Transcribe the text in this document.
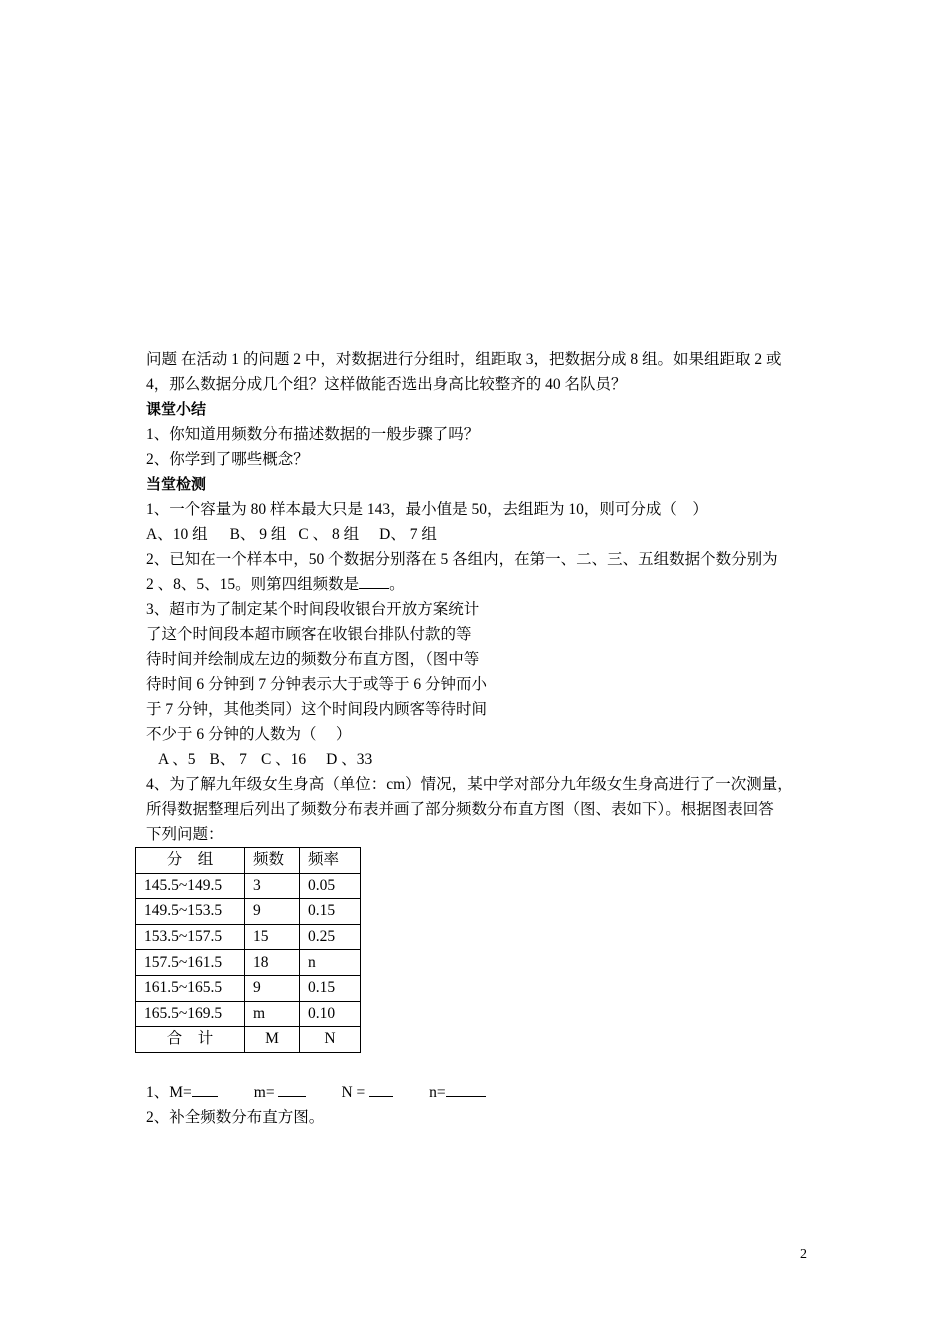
问题 在活动 1 的问题 2 中，对数据进行分组时，组距取 3，把数据分成 8 组。如果组距取 2 或
4，那么数据分成几个组？这样做能否选出身高比较整齐的 40 名队员？
课堂小结
1、你知道用频数分布描述数据的一般步骤了吗？
2、你学到了哪些概念？
当堂检测
1、一个容量为 80 样本最大只是 143，最小值是 50，去组距为 10，则可分成（　）
A、10 组 B、 9 组 C 、 8 组 D、 7 组
2、已知在一个样本中，50 个数据分别落在 5 各组内，在第一、二、三、五组数据个数分别为
2 、8、5、15。则第四组频数是 。
3、超市为了制定某个时间段收银台开放方案统计
了这个时间段本超市顾客在收银台排队付款的等
待时间并绘制成左边的频数分布直方图，（图中等
待时间 6 分钟到 7 分钟表示大于或等于 6 分钟而小
于 7 分钟，其他类同）这个时间段内顾客等待时间
不少于 6 分钟的人数为（　 ）
A 、5 B、 7 C 、16 D 、33
4、为了解九年级女生身高（单位：cm）情况，某中学对部分九年级女生身高进行了一次测量，
所得数据整理后列出了频数分布表并画了部分频数分布直方图（图、表如下）。根据图表回答
下列问题：
分　组	频数	频率
145.5~149.5	3	0.05
149.5~153.5	9	0.15
153.5~157.5	15	0.25
157.5~161.5	18	n
161.5~165.5	9	0.15
165.5~169.5	m	0.10
合　计	M	N
1、M=	m=	N =	n=
2、补全频数分布直方图。
2
